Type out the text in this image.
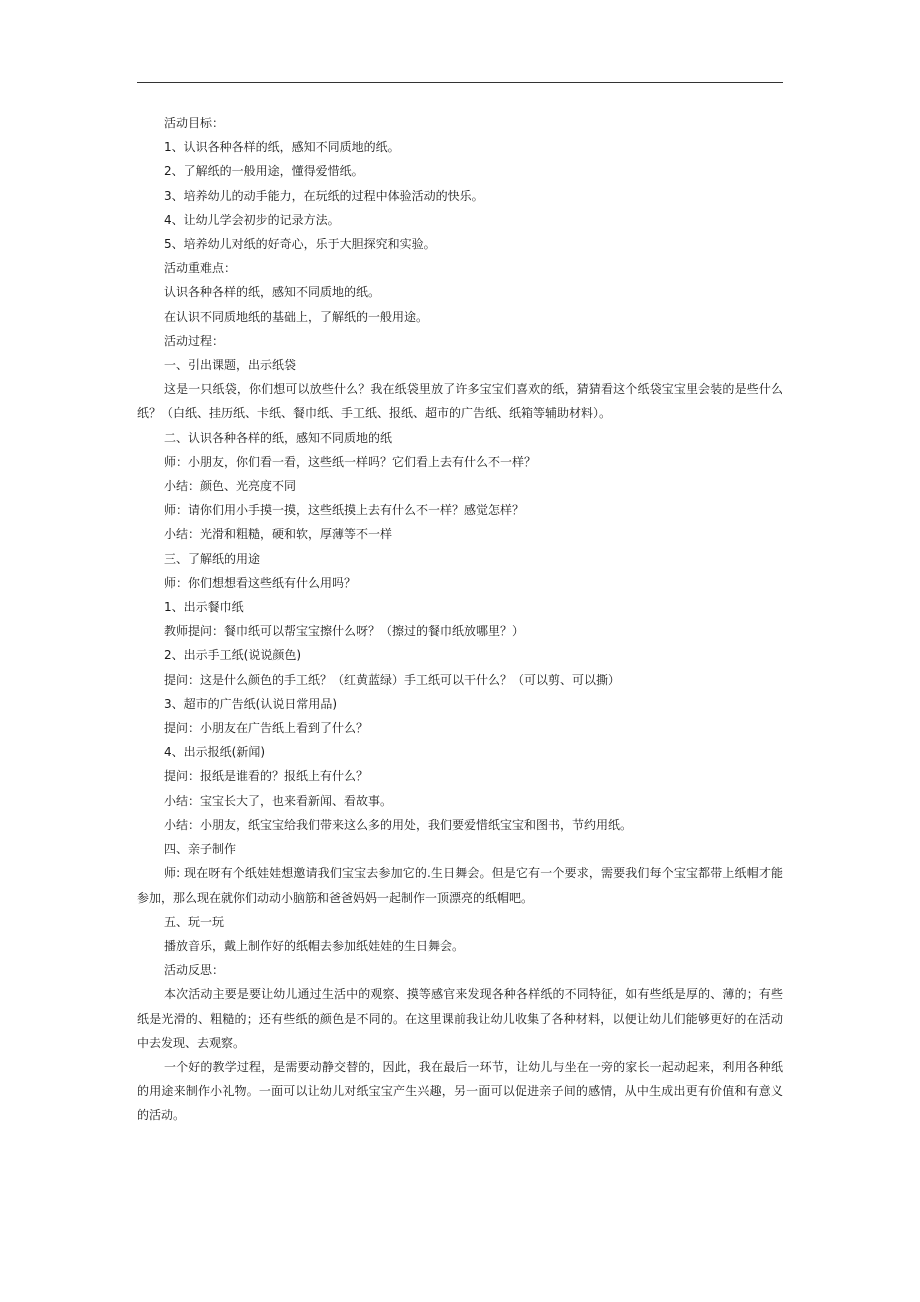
活动目标：

1、认识各种各样的纸，感知不同质地的纸。

2、了解纸的一般用途，懂得爱惜纸。

3、培养幼儿的动手能力，在玩纸的过程中体验活动的快乐。

4、让幼儿学会初步的记录方法。

5、培养幼儿对纸的好奇心，乐于大胆探究和实验。

活动重难点：

认识各种各样的纸，感知不同质地的纸。

在认识不同质地纸的基础上，了解纸的一般用途。

活动过程：

一、引出课题，出示纸袋

这是一只纸袋，你们想可以放些什么？我在纸袋里放了许多宝宝们喜欢的纸，猜猜看这个纸袋宝宝里会装的是些什么纸？（白纸、挂历纸、卡纸、餐巾纸、手工纸、报纸、超市的广告纸、纸箱等辅助材料）。

二、认识各种各样的纸，感知不同质地的纸

师：小朋友，你们看一看，这些纸一样吗？它们看上去有什么不一样？

小结：颜色、光亮度不同

师：请你们用小手摸一摸，这些纸摸上去有什么不一样？感觉怎样？

小结：光滑和粗糙，硬和软，厚薄等不一样

三、了解纸的用途

师：你们想想看这些纸有什么用吗？

1、出示餐巾纸

教师提问：餐巾纸可以帮宝宝擦什么呀？（擦过的餐巾纸放哪里？）

2、出示手工纸(说说颜色)

提问：这是什么颜色的手工纸？（红黄蓝绿）手工纸可以干什么？（可以剪、可以撕）

3、超市的广告纸(认说日常用品)

提问：小朋友在广告纸上看到了什么？

4、出示报纸(新闻)

提问：报纸是谁看的？报纸上有什么？

小结：宝宝长大了，也来看新闻、看故事。

小结：小朋友，纸宝宝给我们带来这么多的用处，我们要爱惜纸宝宝和图书，节约用纸。

四、亲子制作

师: 现在呀有个纸娃娃想邀请我们宝宝去参加它的.生日舞会。但是它有一个要求，需要我们每个宝宝都带上纸帽才能参加，那么现在就你们动动小脑筋和爸爸妈妈一起制作一顶漂亮的纸帽吧。

五、玩一玩

播放音乐，戴上制作好的纸帽去参加纸娃娃的生日舞会。

活动反思：

本次活动主要是要让幼儿通过生活中的观察、摸等感官来发现各种各样纸的不同特征，如有些纸是厚的、薄的；有些纸是光滑的、粗糙的；还有些纸的颜色是不同的。在这里课前我让幼儿收集了各种材料，以便让幼儿们能够更好的在活动中去发现、去观察。

一个好的教学过程，是需要动静交替的，因此，我在最后一环节，让幼儿与坐在一旁的家长一起动起来，利用各种纸的用途来制作小礼物。一面可以让幼儿对纸宝宝产生兴趣，另一面可以促进亲子间的感情，从中生成出更有价值和有意义的活动。
